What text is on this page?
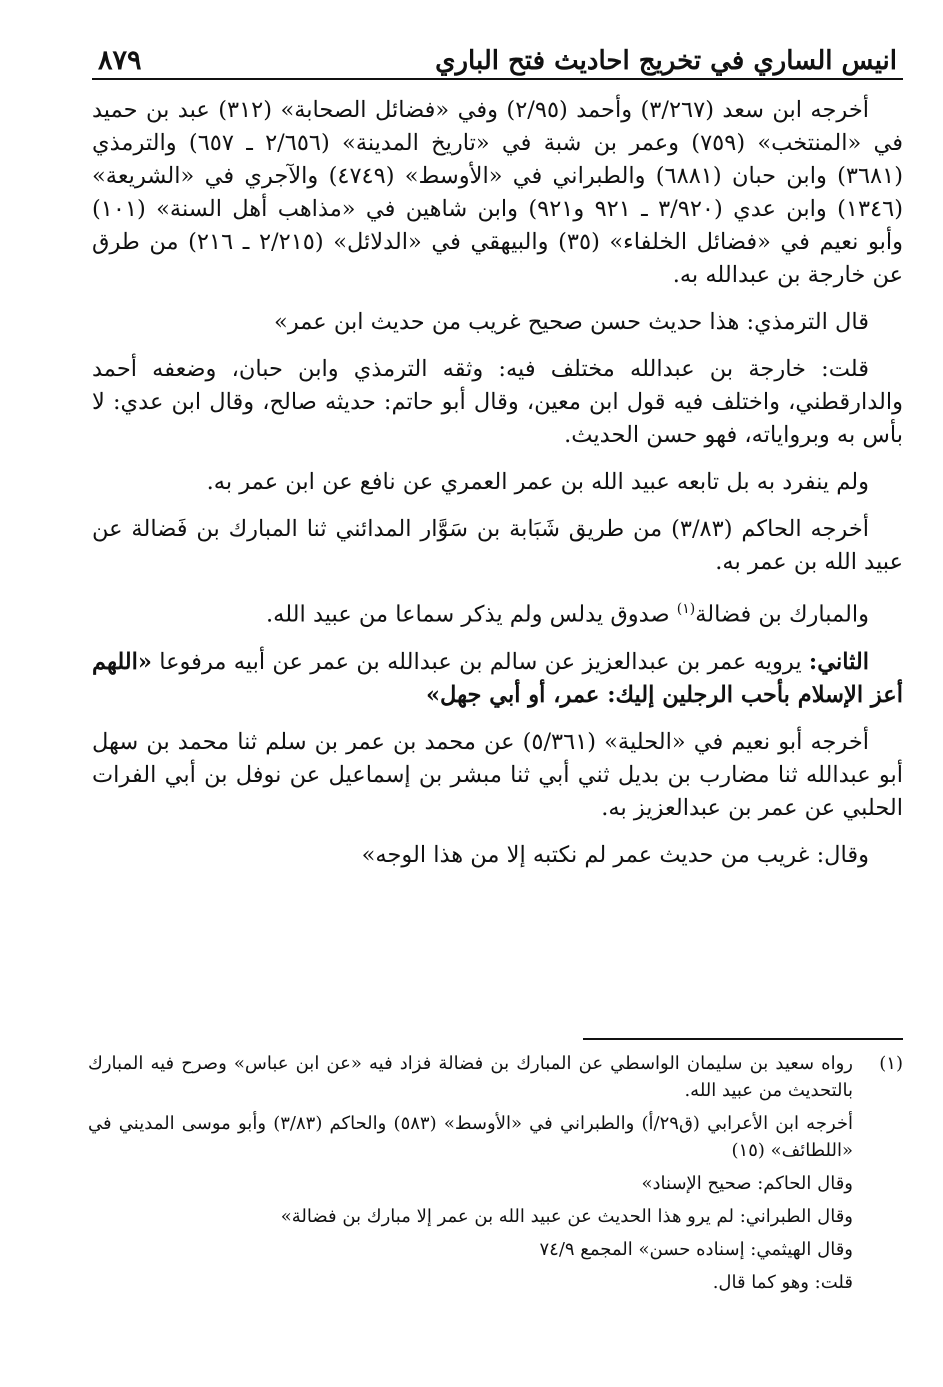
انيس الساري في تخريج احاديث فتح الباري
٨٧٩

أخرجه ابن سعد (٣/٢٦٧) وأحمد (٢/٩٥) وفي «فضائل الصحابة» (٣١٢) عبد بن حميد في «المنتخب» (٧٥٩) وعمر بن شبة في «تاريخ المدينة» (٢/٦٥٦ ـ ٦٥٧) والترمذي (٣٦٨١) وابن حبان (٦٨٨١) والطبراني في «الأوسط» (٤٧٤٩) والآجري في «الشريعة» (١٣٤٦) وابن عدي (٣/٩٢٠ ـ ٩٢١ و٩٢١) وابن شاهين في «مذاهب أهل السنة» (١٠١) وأبو نعيم في «فضائل الخلفاء» (٣٥) والبيهقي في «الدلائل» (٢/٢١٥ ـ ٢١٦) من طرق عن خارجة بن عبدالله به.

قال الترمذي: هذا حديث حسن صحيح غريب من حديث ابن عمر»

قلت: خارجة بن عبدالله مختلف فيه: وثقه الترمذي وابن حبان، وضعفه أحمد والدارقطني، واختلف فيه قول ابن معين، وقال أبو حاتم: حديثه صالح، وقال ابن عدي: لا بأس به وبرواياته، فهو حسن الحديث.

ولم ينفرد به بل تابعه عبيد الله بن عمر العمري عن نافع عن ابن عمر به.

أخرجه الحاكم (٣/٨٣) من طريق شَبَابة بن سَوَّار المدائني ثنا المبارك بن فَضالة عن عبيد الله بن عمر به.

والمبارك بن فضالة$^{(١)}$ صدوق يدلس ولم يذكر سماعا من عبيد الله.

الثاني: يرويه عمر بن عبدالعزيز عن سالم بن عبدالله بن عمر عن أبيه مرفوعا «اللهم أعز الإسلام بأحب الرجلين إليك: عمر، أو أبي جهل»

أخرجه أبو نعيم في «الحلية» (٥/٣٦١) عن محمد بن عمر بن سلم ثنا محمد بن سهل أبو عبدالله ثنا مضارب بن بديل ثني أبي ثنا مبشر بن إسماعيل عن نوفل بن أبي الفرات الحلبي عن عمر بن عبدالعزيز به.

وقال: غريب من حديث عمر لم نكتبه إلا من هذا الوجه»

(١)

رواه سعيد بن سليمان الواسطي عن المبارك بن فضالة فزاد فيه «عن ابن عباس» وصرح فيه المبارك بالتحديث من عبيد الله.

أخرجه ابن الأعرابي (ق٢٩/أ) والطبراني في «الأوسط» (٥٨٣) والحاكم (٣/٨٣) وأبو موسى المديني في «اللطائف» (١٥)

وقال الحاكم: صحيح الإسناد»

وقال الطبراني: لم يرو هذا الحديث عن عبيد الله بن عمر إلا مبارك بن فضالة»

وقال الهيثمي: إسناده حسن» المجمع ٧٤/٩

قلت: وهو كما قال.
